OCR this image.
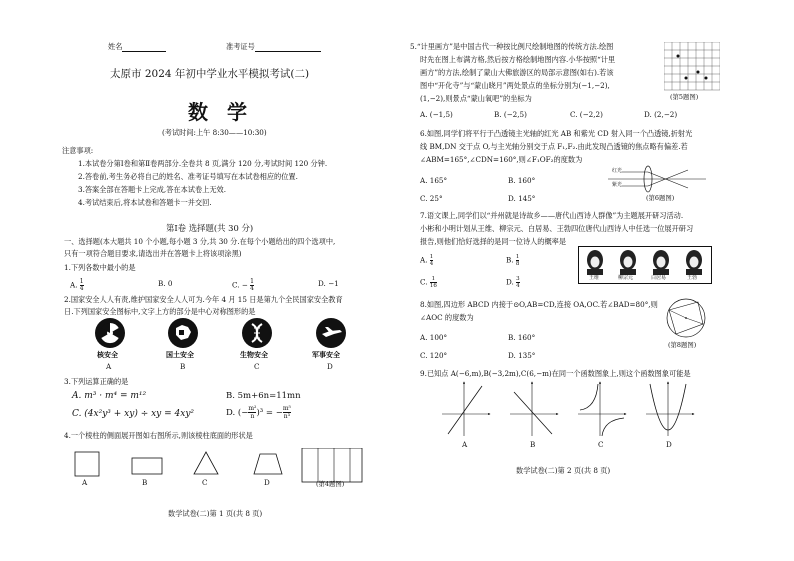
姓名	准考证号
太原市 2024 年初中学业水平模拟考试(二)
数 学
(考试时间:上午 8:30——10:30)
注意事项:
1.本试卷分第Ⅰ卷和第Ⅱ卷两部分.全卷共 8 页,满分 120 分,考试时间 120 分钟.
2.答卷前,考生务必将自己的姓名、准考证号填写在本试卷相应的位置.
3.答案全部在答题卡上完成,答在本试卷上无效.
4.考试结束后,将本试卷和答题卡一并交回.
第Ⅰ卷 选择题(共 30 分)
一、选择题(本大题共 10 个小题,每小题 3 分,共 30 分.在每个小题给出的四个选项中,
只有一项符合题目要求,请选出并在答题卡上将该项涂黑)
1.下列各数中最小的是
A. $\frac{1}{4}$	B. 0	C. − $\frac{1}{4}$	D. −1
2.国家安全人人有责,维护国家安全人人可为.今年 4 月 15 日是第九个全民国家安全教育
日.下列国家安全图标中,文字上方的部分是中心对称图形的是
核安全
A
国土安全
B
生物安全
C
军事安全
D
3.下列运算正确的是
A. m³ · m⁴ = m¹²	B. 5m+6n=11mn
C. (4x²y³ + xy) ÷ xy = 4xy²	D. (− $\frac{\text{m²}}{n} )^3$ = − $\frac{\text{m⁵}}{\text{n³}}$
4.一个棱柱的侧面展开图如右图所示,则该棱柱底面的形状是
A	B	C	D	(第4题图)
数学试卷(二)第 1 页(共 8 页)
5.“计里画方”是中国古代一种按比例尺绘制地图的传统方法.绘图
时先在图上布满方格,然后按方格绘制地图内容.小华按照“计里
画方”的方法,绘制了蒙山大佛旅游区的局部示意图(如右).若该
图中“开化寺”与“蒙山晓月”两处景点的坐标分别为(−1,−2),
(1,−2),则景点“蒙山氧吧”的坐标为
A. (−1,5)	B. (−2,5)	C. (−2,2)	D. (2,−2)
(第5题图)
6.如图,同学们将平行于凸透镜主光轴的红光 AB 和紫光 CD 射入同一个凸透镜,折射光
线 BM,DN 交于点 O,与主光轴分别交于点 F₁,F₂.由此发现凸透镜的焦点略有偏差.若
∠ABM=165°,∠CDN=160°,则∠F₁OF₂的度数为
A. 165°	B. 160°
C. 25°	D. 145°
红光
紫光
(第6题图)
7.语文课上,同学们以“并州就是诗故乡——唐代山西诗人群像”为主题展开研习活动.
小彬和小明计划从王维、柳宗元、白居易、王勃四位唐代山西诗人中任选一位展开研习
报告,则他们恰好选择的是同一位诗人的概率是
A. $\frac{1}{4}$	B. $\frac{1}{8}$
C. $\frac{1}{16}$	D. $\frac{3}{4}$	王维	柳宗元	白居易	王勃
8.如图,四边形 ABCD 内接于⊙O,AB=CD,连接 OA,OC.若∠BAD=80°,则
∠AOC 的度数为
A. 100°	B. 160°
C. 120°	D. 135°
(第8题图)
9.已知点 A(−6,m),B(−3,2m),C(6,−m)在同一个函数图象上,则这个函数图象可能是
A	B	C	D
数学试卷(二)第 2 页(共 8 页)
